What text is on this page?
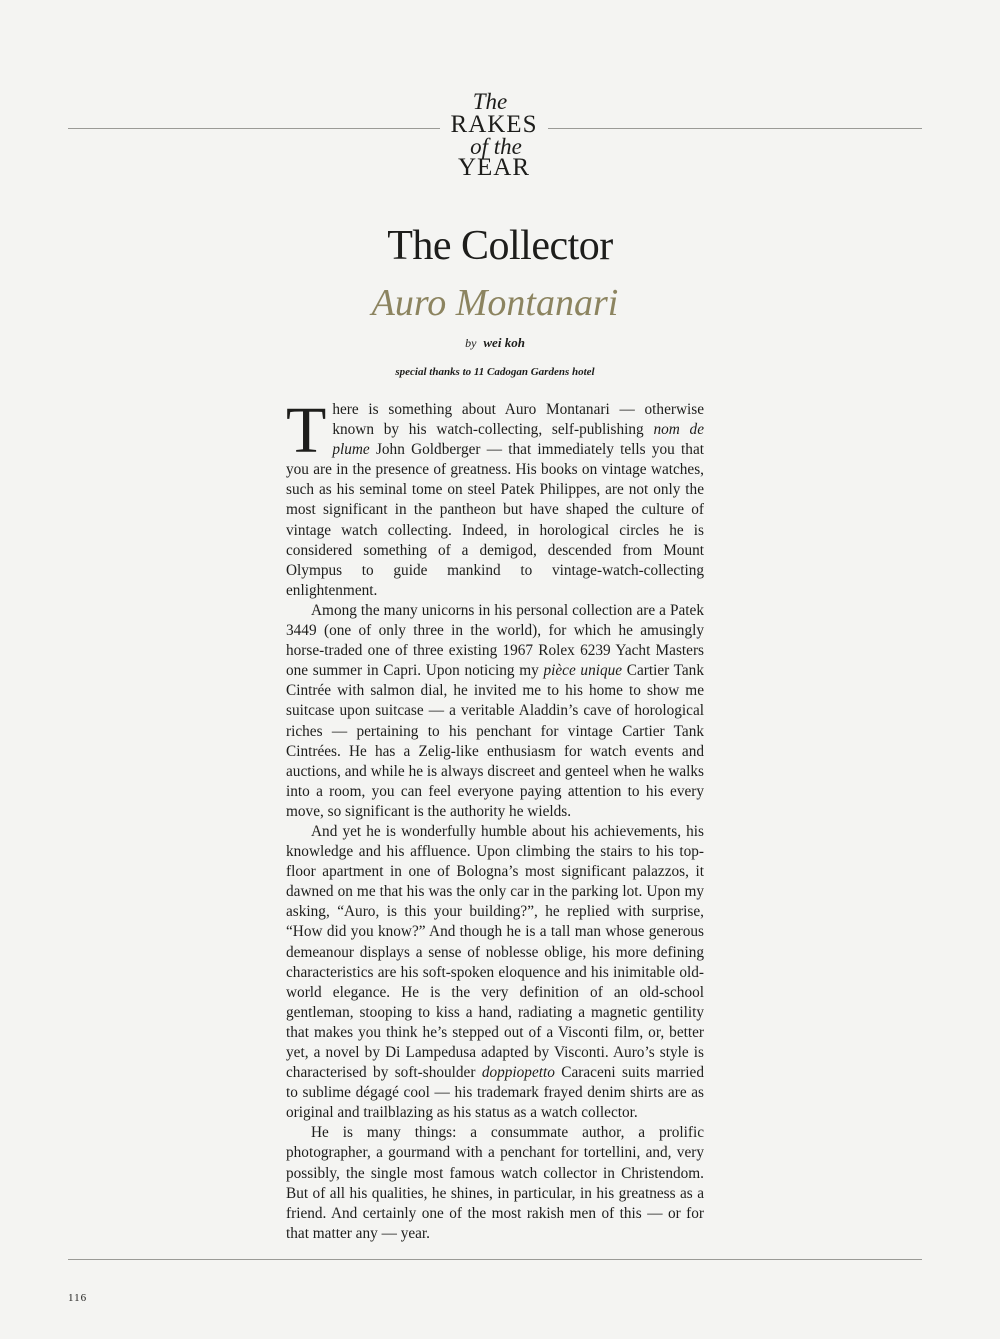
The
RAKES
of the
YEAR
The Collector
Auro Montanari
by wei koh
special thanks to 11 Cadogan Gardens hotel

There is something about Auro Montanari — otherwise known by his watch-collecting, self-publishing nom de plume John Goldberger — that immediately tells you that you are in the presence of greatness. His books on vintage watches, such as his seminal tome on steel Patek Philippes, are not only the most significant in the pantheon but have shaped the culture of vintage watch collecting. Indeed, in horological circles he is considered something of a demigod, descended from Mount Olympus to guide mankind to vintage-watch-collecting enlightenment.

Among the many unicorns in his personal collection are a Patek 3449 (one of only three in the world), for which he amusingly horse-traded one of three existing 1967 Rolex 6239 Yacht Masters one summer in Capri. Upon noticing my pièce unique Cartier Tank Cintrée with salmon dial, he invited me to his home to show me suitcase upon suitcase — a veritable Aladdin’s cave of horological riches — pertaining to his penchant for vintage Cartier Tank Cintrées. He has a Zelig-like enthusiasm for watch events and auctions, and while he is always discreet and genteel when he walks into a room, you can feel everyone paying attention to his every move, so significant is the authority he wields.

And yet he is wonderfully humble about his achievements, his knowledge and his affluence. Upon climbing the stairs to his top-floor apartment in one of Bologna’s most significant palazzos, it dawned on me that his was the only car in the parking lot. Upon my asking, “Auro, is this your building?”, he replied with surprise, “How did you know?” And though he is a tall man whose generous demeanour displays a sense of noblesse oblige, his more defining characteristics are his soft-spoken eloquence and his inimitable old-world elegance. He is the very definition of an old-school gentleman, stooping to kiss a hand, radiating a magnetic gentility that makes you think he’s stepped out of a Visconti film, or, better yet, a novel by Di Lampedusa adapted by Visconti. Auro’s style is characterised by soft-shoulder doppiopetto Caraceni suits married to sublime dégagé cool — his trademark frayed denim shirts are as original and trailblazing as his status as a watch collector.

He is many things: a consummate author, a prolific photographer, a gourmand with a penchant for tortellini, and, very possibly, the single most famous watch collector in Christendom. But of all his qualities, he shines, in particular, in his greatness as a friend. And certainly one of the most rakish men of this — or for that matter any — year.

116
